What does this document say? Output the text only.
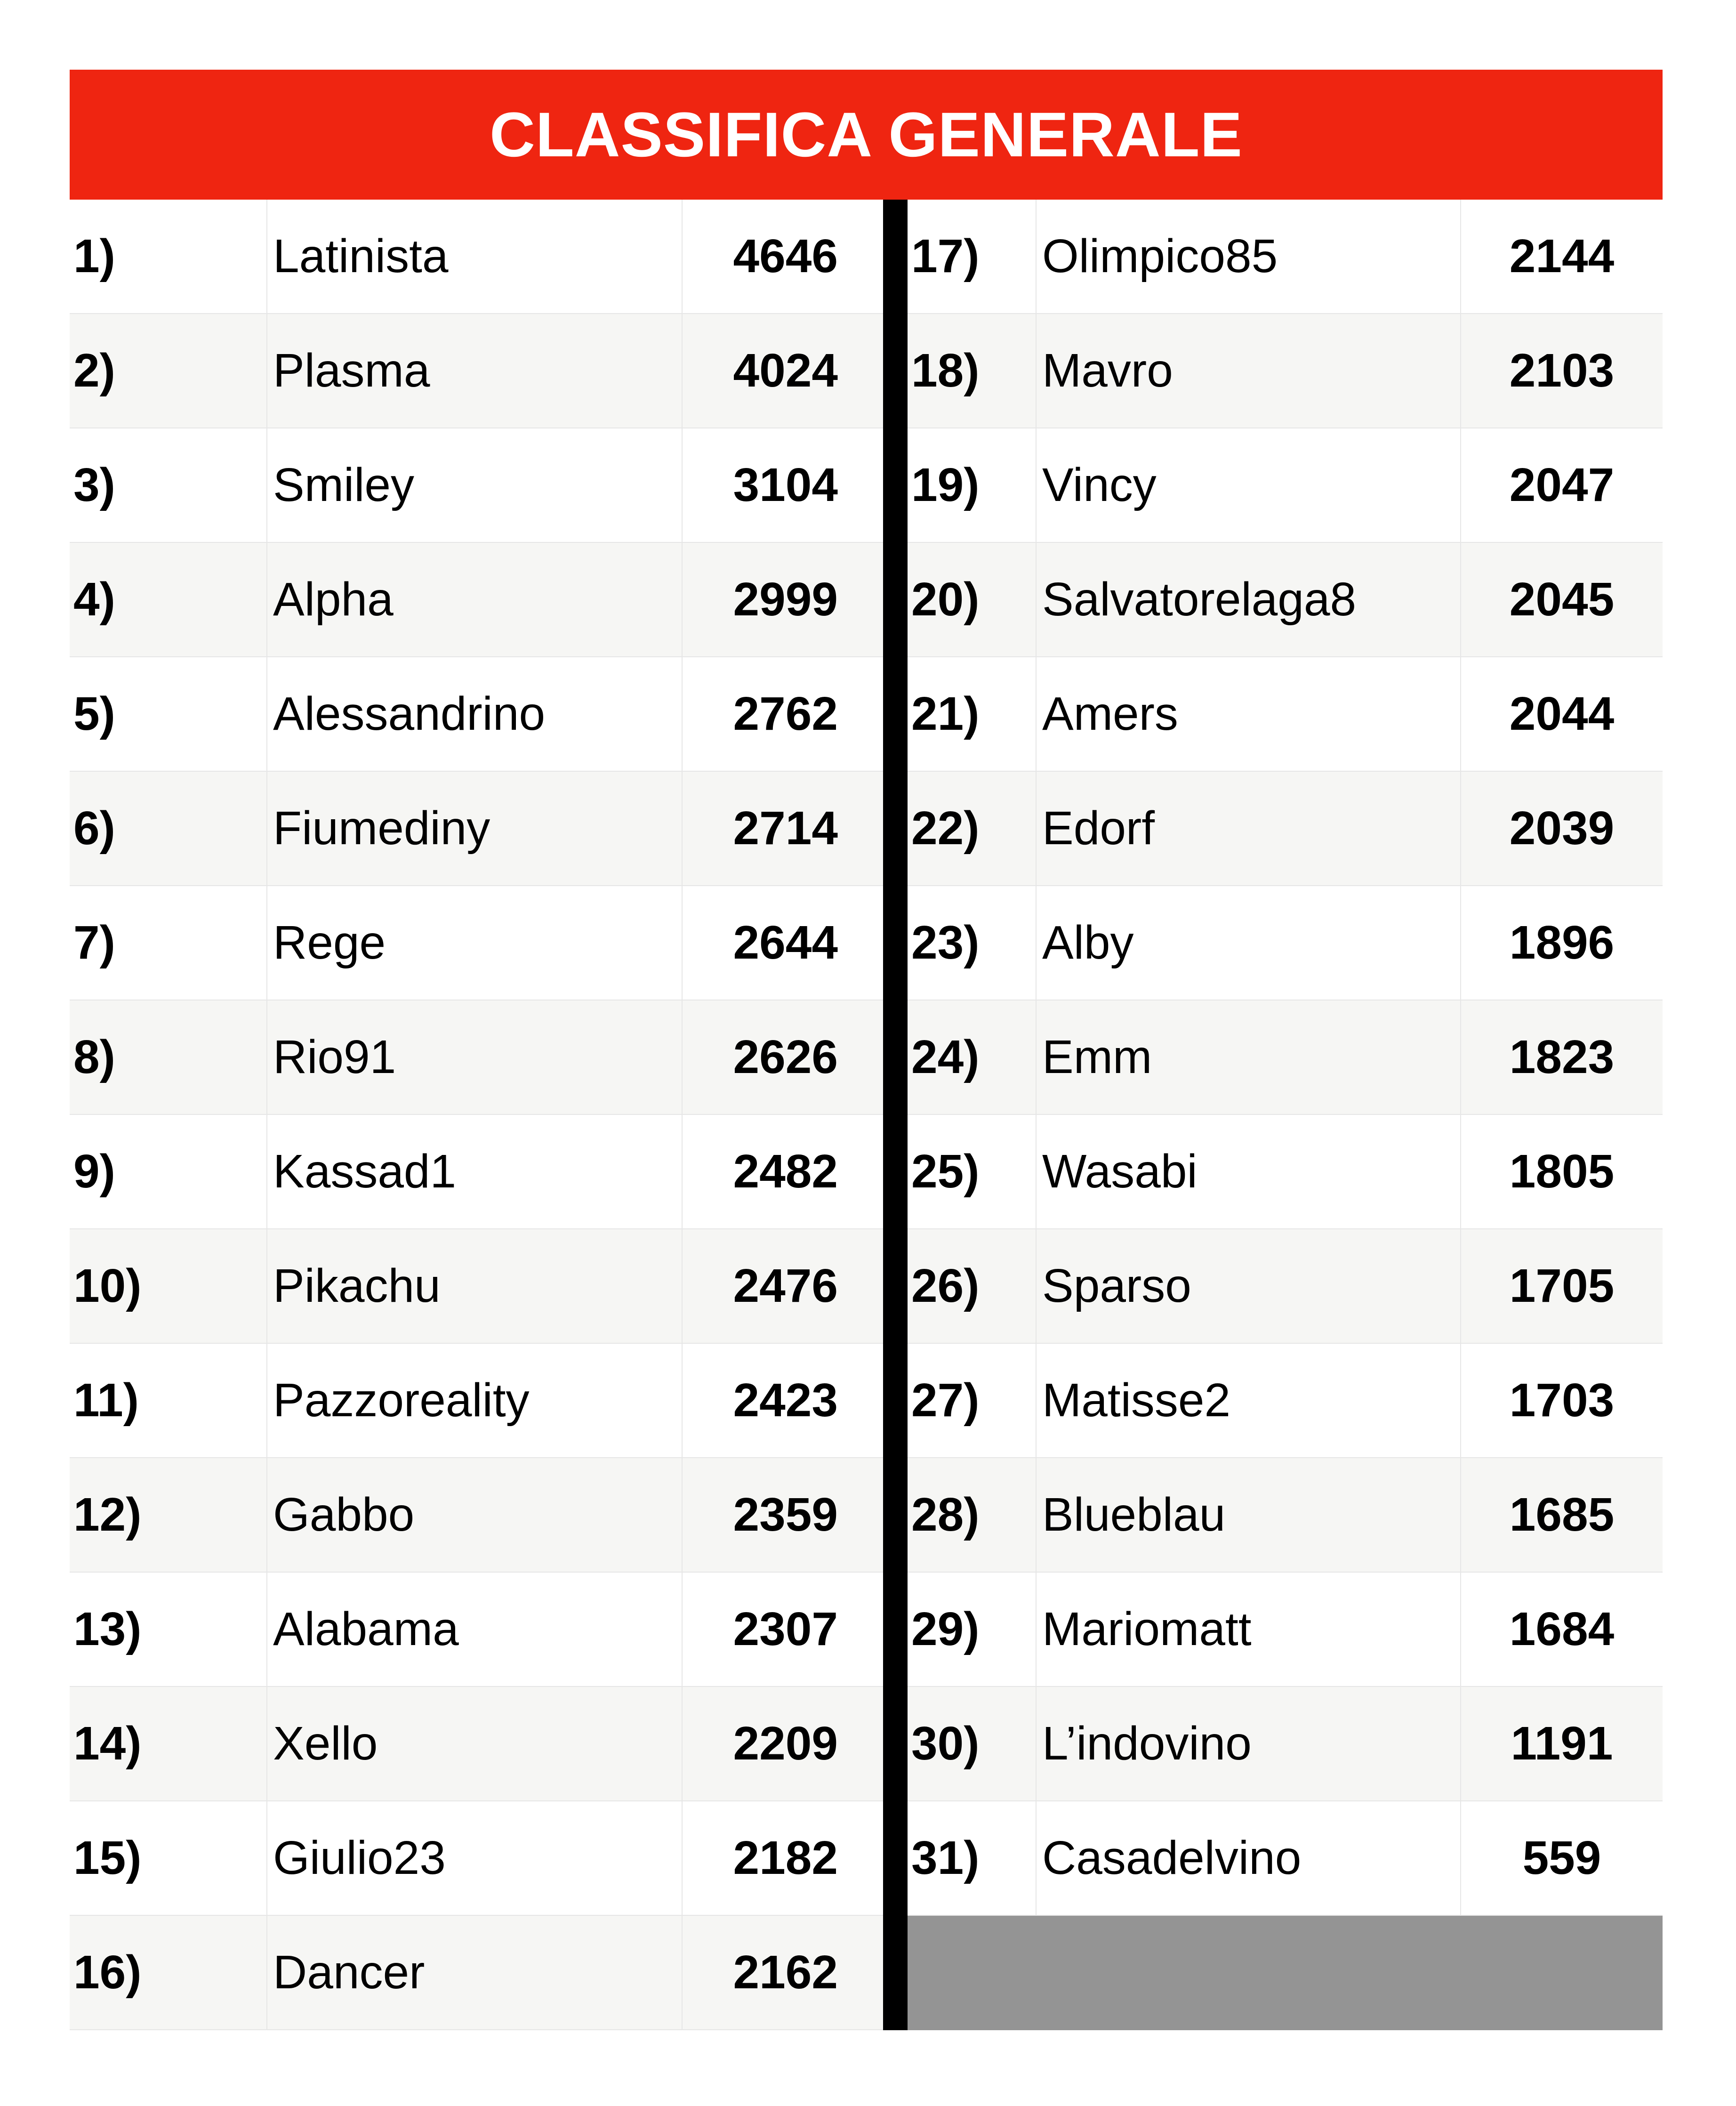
CLASSIFICA GENERALE
1)	Latinista	4646
2)	Plasma	4024
3)	Smiley	3104
4)	Alpha	2999
5)	Alessandrino	2762
6)	Fiumediny	2714
7)	Rege	2644
8)	Rio91	2626
9)	Kassad1	2482
10)	Pikachu	2476
11)	Pazzoreality	2423
12)	Gabbo	2359
13)	Alabama	2307
14)	Xello	2209
15)	Giulio23	2182
16)	Dancer	2162
17)	Olimpico85	2144
18)	Mavro	2103
19)	Vincy	2047
20)	Salvatorelaga8	2045
21)	Amers	2044
22)	Edorf	2039
23)	Alby	1896
24)	Emm	1823
25)	Wasabi	1805
26)	Sparso	1705
27)	Matisse2	1703
28)	Blueblau	1685
29)	Mariomatt	1684
30)	L’indovino	1191
31)	Casadelvino	559
